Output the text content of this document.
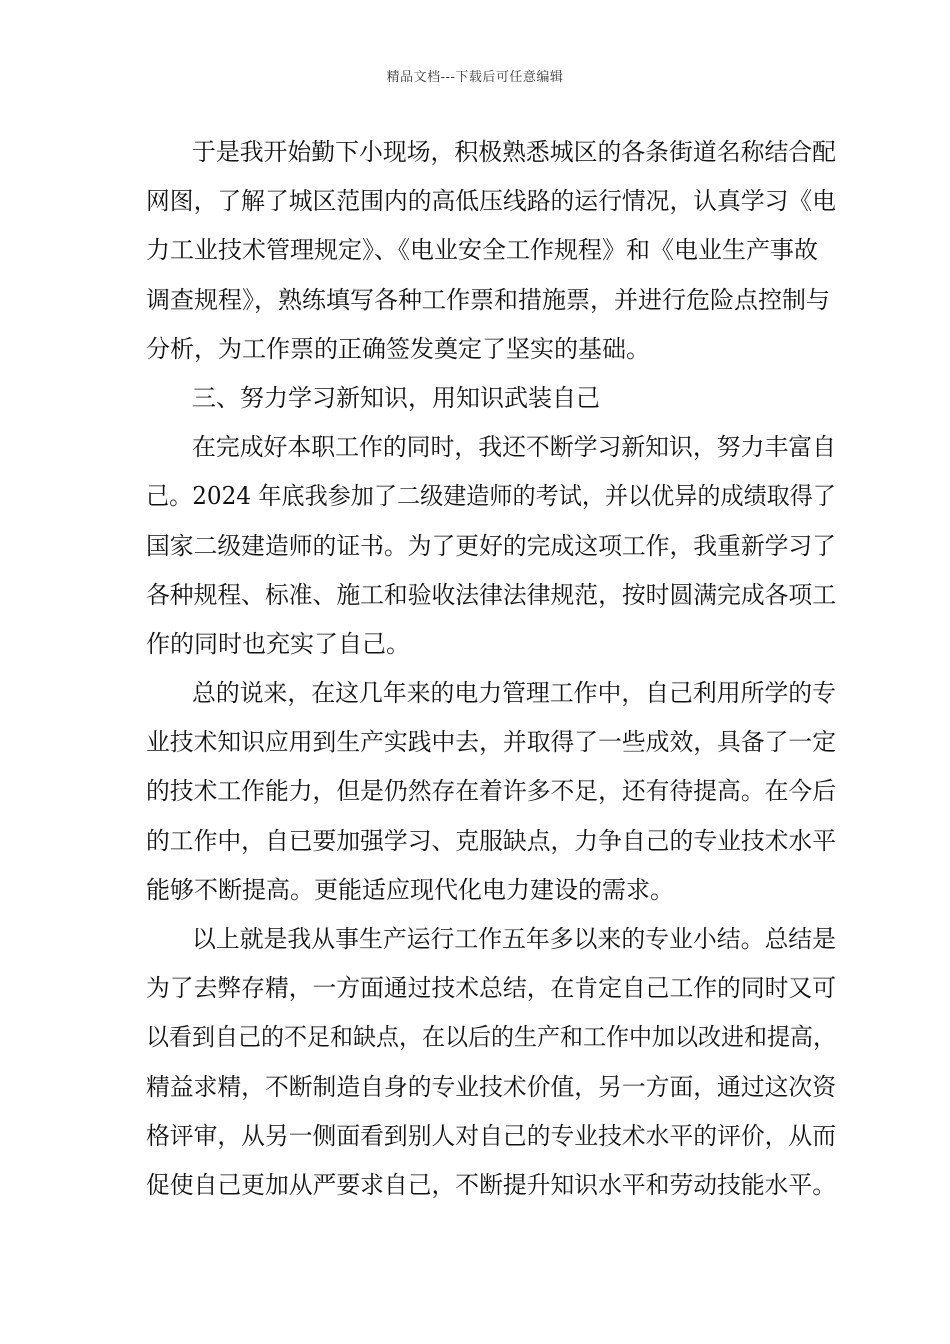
精品文档---下载后可任意编辑
于是我开始勤下小现场，积极熟悉城区的各条街道名称结合配
网图，了解了城区范围内的高低压线路的运行情况，认真学习《电
力工业技术管理规定》、《电业安全工作规程》和《电业生产事故
调查规程》，熟练填写各种工作票和措施票，并进行危险点控制与
分析，为工作票的正确签发奠定了坚实的基础。
三、努力学习新知识，用知识武装自己
在完成好本职工作的同时，我还不断学习新知识，努力丰富自
己。2024 年底我参加了二级建造师的考试，并以优异的成绩取得了
国家二级建造师的证书。为了更好的完成这项工作，我重新学习了
各种规程、标准、施工和验收法律法律规范，按时圆满完成各项工
作的同时也充实了自己。
总的说来，在这几年来的电力管理工作中，自己利用所学的专
业技术知识应用到生产实践中去，并取得了一些成效，具备了一定
的技术工作能力，但是仍然存在着许多不足，还有待提高。在今后
的工作中，自已要加强学习、克服缺点，力争自己的专业技术水平
能够不断提高。更能适应现代化电力建设的需求。
以上就是我从事生产运行工作五年多以来的专业小结。总结是
为了去弊存精，一方面通过技术总结，在肯定自己工作的同时又可
以看到自己的不足和缺点，在以后的生产和工作中加以改进和提高，
精益求精，不断制造自身的专业技术价值，另一方面，通过这次资
格评审，从另一侧面看到别人对自己的专业技术水平的评价，从而
促使自己更加从严要求自己，不断提升知识水平和劳动技能水平。
